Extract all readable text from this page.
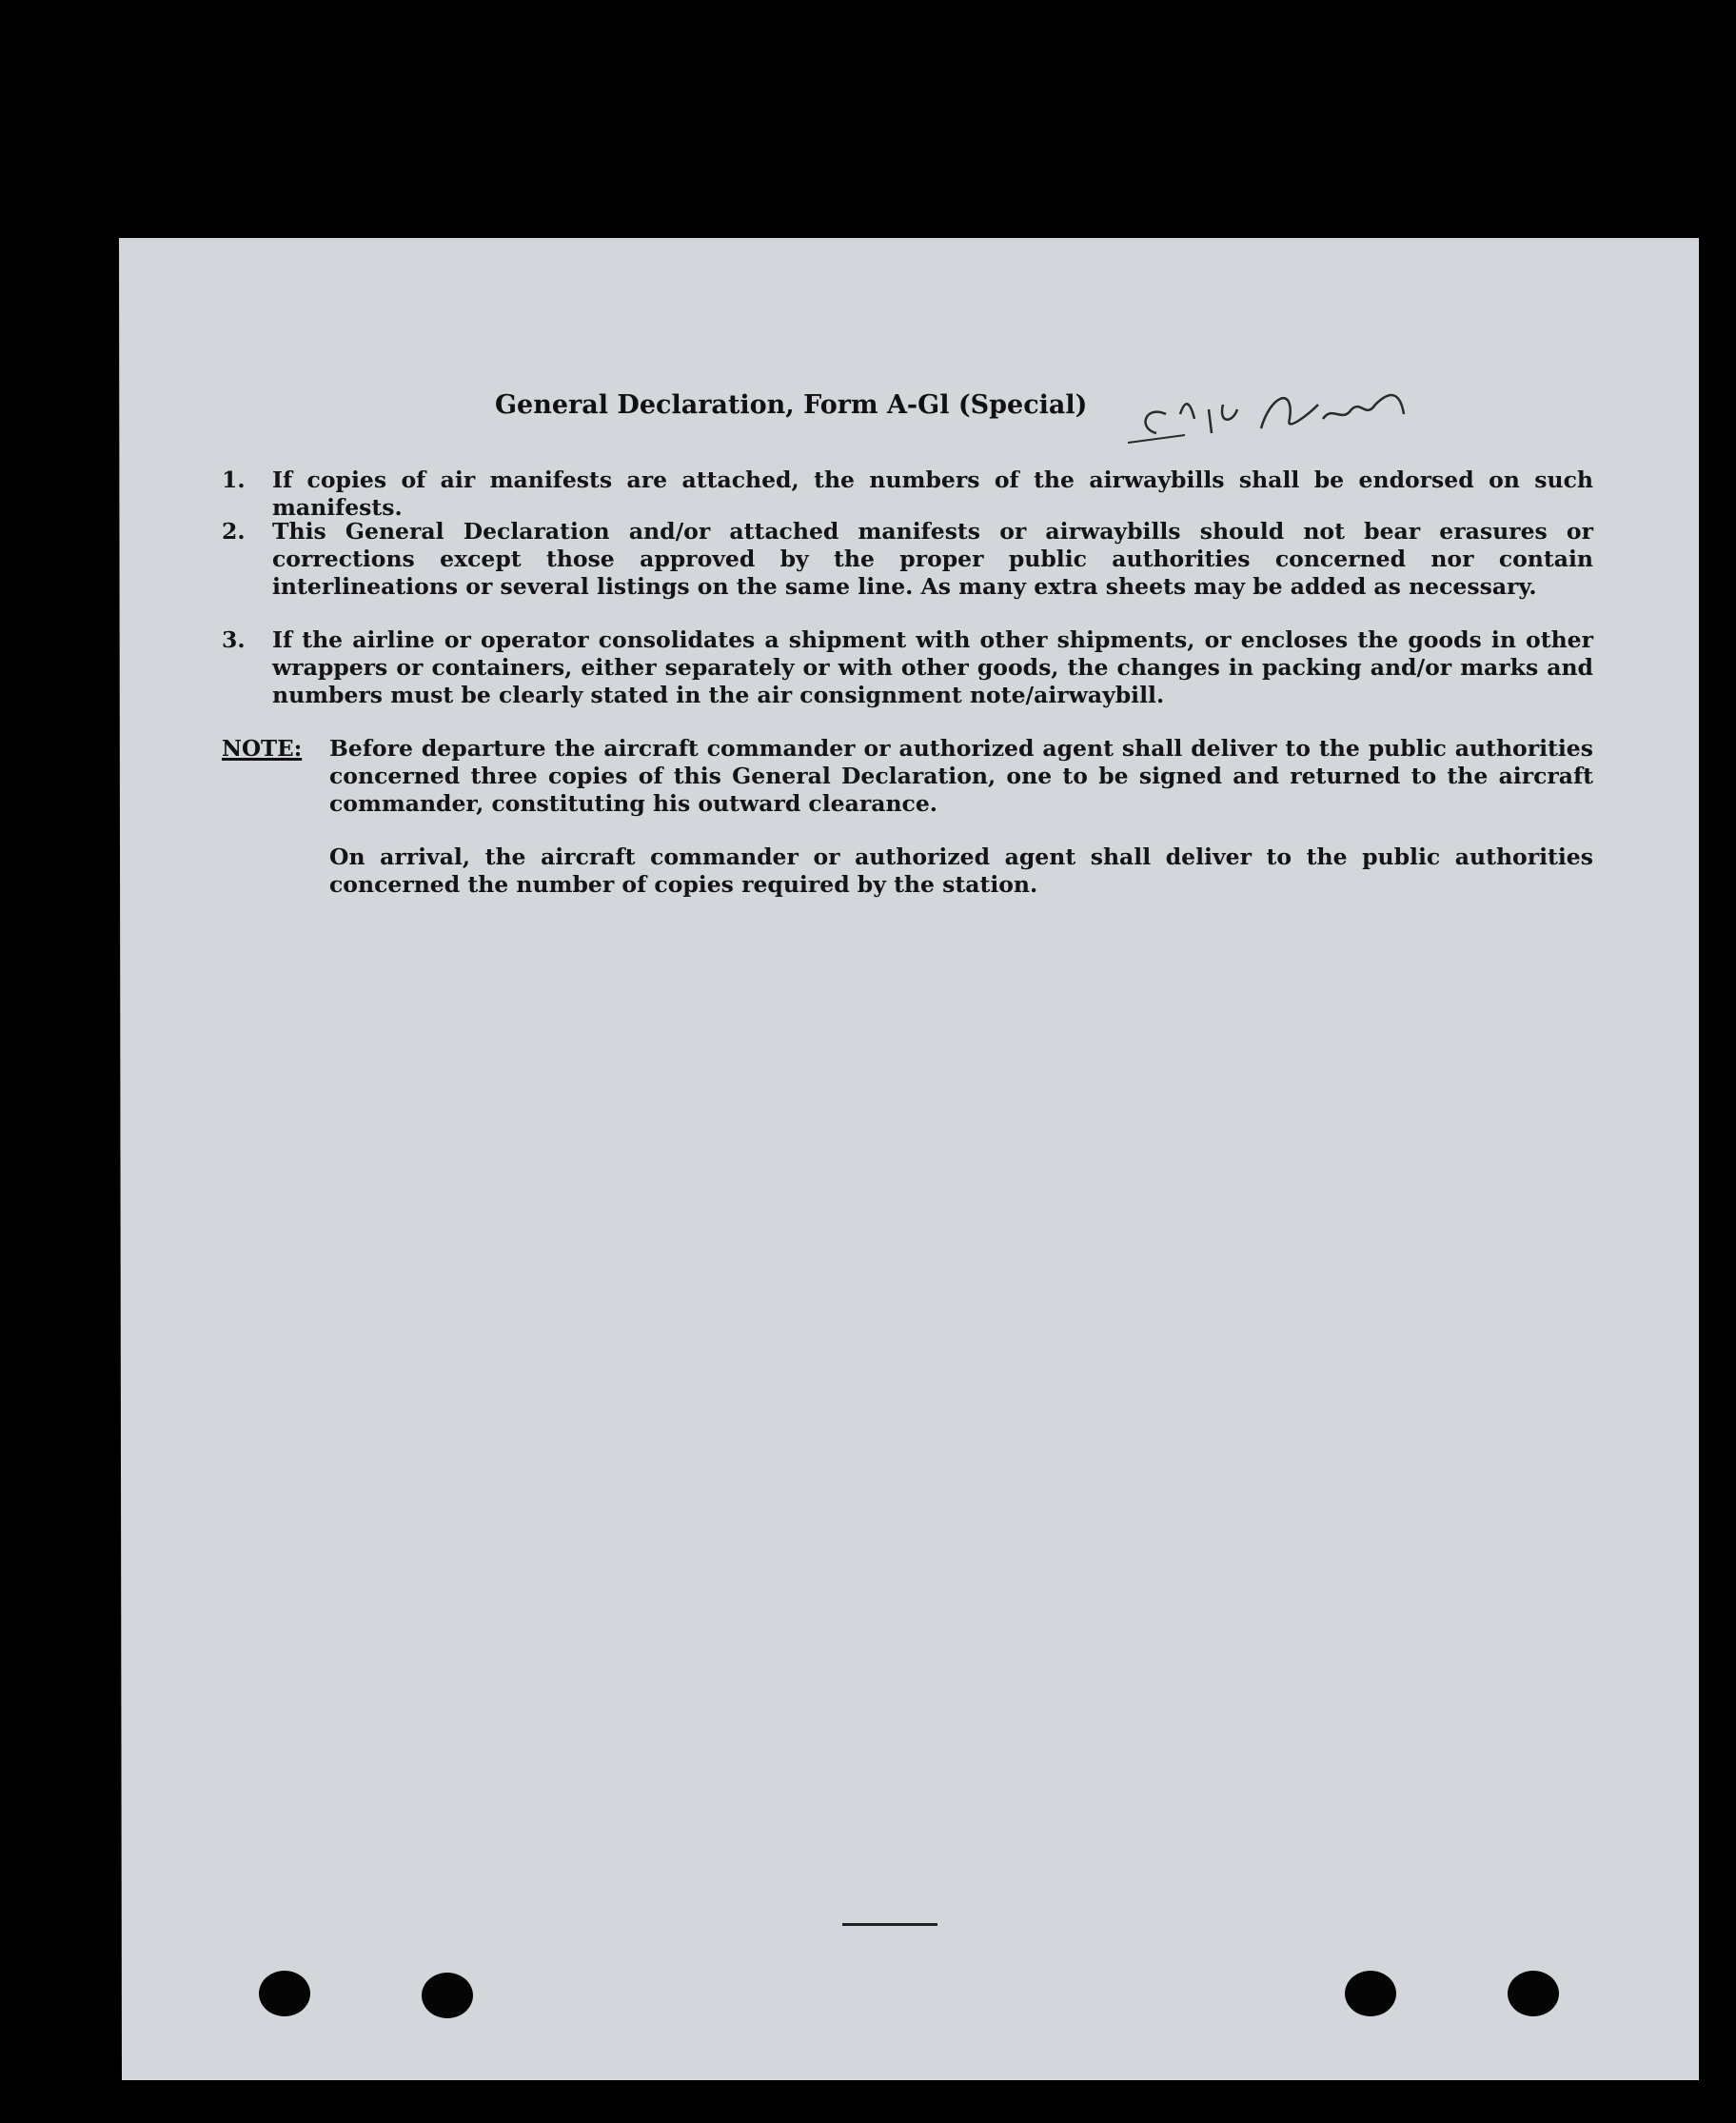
General Declaration, Form A-Gl (Special)
1. If copies of air manifests are attached, the numbers of the airwaybills shall be endorsed on such manifests.
2. This General Declaration and/or attached manifests or airwaybills should not bear erasures or corrections except those approved by the proper public authorities concerned nor contain interlineations or several listings on the same line. As many extra sheets may be added as necessary.
3. If the airline or operator consolidates a shipment with other shipments, or encloses the goods in other wrappers or containers, either separately or with other goods, the changes in packing and/or marks and numbers must be clearly stated in the air consignment note/airwaybill.
NOTE: Before departure the aircraft commander or authorized agent shall deliver to the public authorities concerned three copies of this General Declaration, one to be signed and returned to the aircraft commander, constituting his outward clearance.
On arrival, the aircraft commander or authorized agent shall deliver to the public authorities concerned the number of copies required by the station.
